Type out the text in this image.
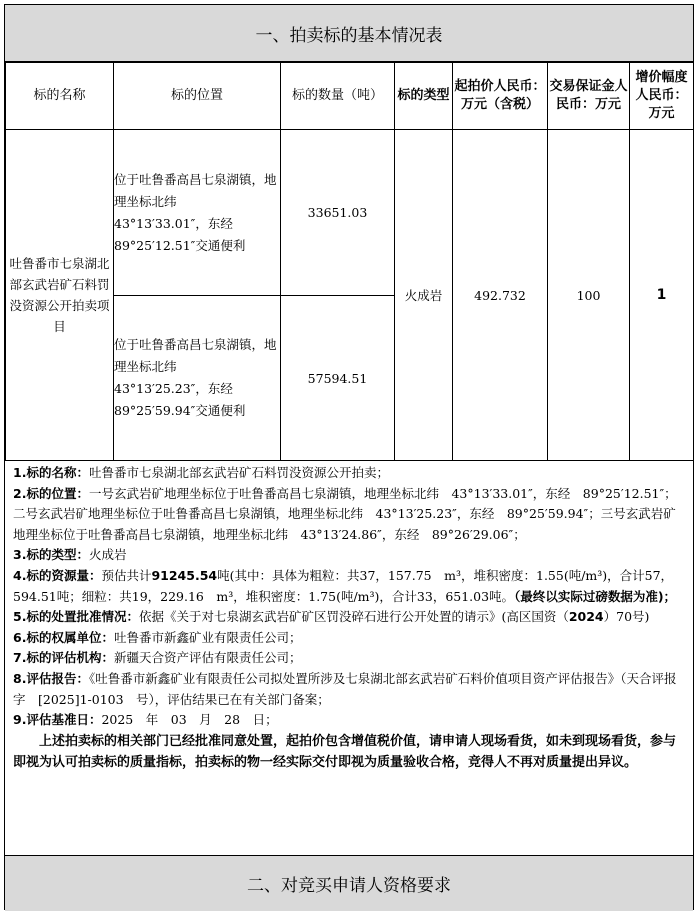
一、拍卖标的基本情况表
标的名称	标的位置	标的数量（吨）	标的类型	起拍价人民币：万元（含税）	交易保证金人民币：万元	增价幅度人民币：万元
吐鲁番市七泉湖北部玄武岩矿石料罚没资源公开拍卖项目	位于吐鲁番高昌七泉湖镇，地理坐标北纬　43°13′33.01″，东经　89°25′12.51″交通便利	33651.03	火成岩	492.732	100	1
	位于吐鲁番高昌七泉湖镇，地理坐标北纬　43°13′25.23″，东经　89°25′59.94″交通便利	57594.51				

1.标的名称：吐鲁番市七泉湖北部玄武岩矿石料罚没资源公开拍卖；

2.标的位置：一号玄武岩矿地理坐标位于吐鲁番高昌七泉湖镇，地理坐标北纬　43°13′33.01″，东经　89°25′12.51″；二号玄武岩矿地理坐标位于吐鲁番高昌七泉湖镇，地理坐标北纬　43°13′25.23″，东经　89°25′59.94″；三号玄武岩矿地理坐标位于吐鲁番高昌七泉湖镇，地理坐标北纬　43°13′24.86″，东经　89°26′29.06″；

3.标的类型：火成岩

4.标的资源量：预估共计91245.54吨(其中：具体为粗粒：共37，157.75　m³，堆积密度：1.55(吨/m³)，合计57，594.51吨；细粒：共19，229.16　m³，堆积密度：1.75(吨/m³)，合计33，651.03吨。（最终以实际过磅数据为准)；

5.标的处置批准情况：依据《关于对七泉湖玄武岩矿矿区罚没碎石进行公开处置的请示》(高区国资（2024）70号)

6.标的权属单位：吐鲁番市新鑫矿业有限责任公司；

7.标的评估机构：新疆天合资产评估有限责任公司；

8.评估报告：《吐鲁番市新鑫矿业有限责任公司拟处置所涉及七泉湖北部玄武岩矿石料价值项目资产评估报告》（天合评报字　[2025]1-0103　号），评估结果已在有关部门备案；

9.评估基准日：2025　年　03　月　28　日；

上述拍卖标的相关部门已经批准同意处置，起拍价包含增值税价值，请申请人现场看货，如未到现场看货，参与即视为认可拍卖标的质量指标，拍卖标的物一经实际交付即视为质量验收合格，竞得人不再对质量提出异议。

二、对竞买申请人资格要求
